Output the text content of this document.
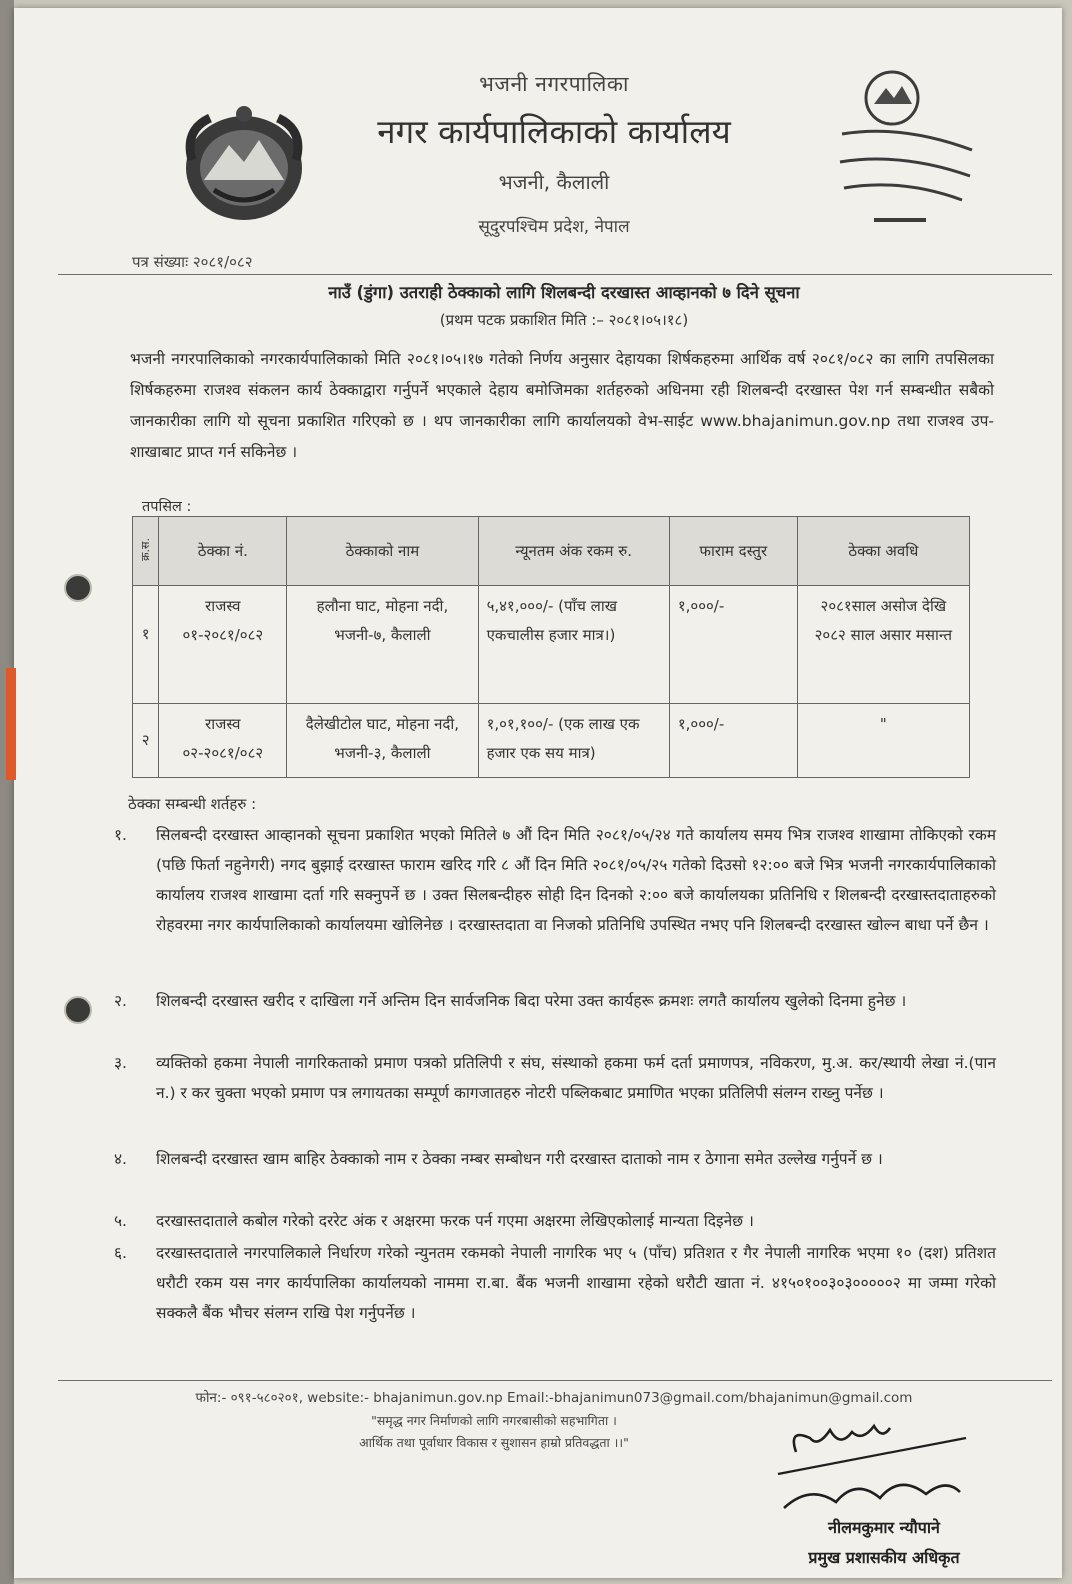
भजनी नगरपालिका
नगर कार्यपालिकाको कार्यालय
भजनी, कैलाली
सूदुरपश्चिम प्रदेश, नेपाल
पत्र संख्याः २०८१/०८२
नाउँ (डुंगा) उतराही ठेक्काको लागि शिलबन्दी दरखास्त आव्हानको ७ दिने सूचना
(प्रथम पटक प्रकाशित मिति :– २०८१।०५।१८)
भजनी नगरपालिकाको नगरकार्यपालिकाको मिति २०८१।०५।१७ गतेको निर्णय अनुसार देहायका शिर्षकहरुमा आर्थिक वर्ष २०८१/०८२ का लागि तपसिलका शिर्षकहरुमा राजश्व संकलन कार्य ठेक्काद्वारा गर्नुपर्ने भएकाले देहाय बमोजिमका शर्तहरुको अधिनमा रही शिलबन्दी दरखास्त पेश गर्न सम्बन्धीत सबैको जानकारीका लागि यो सूचना प्रकाशित गरिएको छ । थप जानकारीका लागि कार्यालयको वेभ-साईट www.bhajanimun.gov.np तथा राजश्व उप-शाखाबाट प्राप्त गर्न सकिनेछ ।
तपसिल :
क्र.स.	ठेक्का नं.	ठेक्काको नाम	न्यूनतम अंक रकम रु.	फाराम दस्तुर	ठेक्का अवधि
१	राजस्व ०१-२०८१/०८२	हलौना घाट, मोहना नदी, भजनी-७, कैलाली	५,४१,०००/- (पाँच लाख एकचालीस हजार मात्र।)	१,०००/-	२०८१साल असोज देखि २०८२ साल असार मसान्त
२	राजस्व ०२-२०८१/०८२	दैलेखीटोल घाट, मोहना नदी, भजनी-३, कैलाली	१,०१,१००/- (एक लाख एक हजार एक सय मात्र)	१,०००/-	"
ठेक्का सम्बन्धी शर्तहरु :
१.	सिलबन्दी दरखास्त आव्हानको सूचना प्रकाशित भएको मितिले ७ औं दिन मिति २०८१/०५/२४ गते कार्यालय समय भित्र राजश्व शाखामा तोकिएको रकम (पछि फिर्ता नहुनेगरी) नगद बुझाई दरखास्त फाराम खरिद गरि ८ औं दिन मिति २०८१/०५/२५ गतेको दिउसो १२:०० बजे भित्र भजनी नगरकार्यपालिकाको कार्यालय राजश्व शाखामा दर्ता गरि सक्नुपर्ने छ । उक्त सिलबन्दीहरु सोही दिन दिनको २:०० बजे कार्यालयका प्रतिनिधि र शिलबन्दी दरखास्तदाताहरुको रोहवरमा नगर कार्यपालिकाको कार्यालयमा खोलिनेछ । दरखास्तदाता वा निजको प्रतिनिधि उपस्थित नभए पनि शिलबन्दी दरखास्त खोल्न बाधा पर्ने छैन ।
२.	शिलबन्दी दरखास्त खरीद र दाखिला गर्ने अन्तिम दिन सार्वजनिक बिदा परेमा उक्त कार्यहरू क्रमशः लगतै कार्यालय खुलेको दिनमा हुनेछ ।
३.	व्यक्तिको हकमा नेपाली नागरिकताको प्रमाण पत्रको प्रतिलिपी र संघ, संस्थाको हकमा फर्म दर्ता प्रमाणपत्र, नविकरण, मु.अ. कर/स्थायी लेखा नं.(पान न.) र कर चुक्ता भएको प्रमाण पत्र लगायतका सम्पूर्ण कागजातहरु नोटरी पब्लिकबाट प्रमाणित भएका प्रतिलिपी संलग्न राख्नु पर्नेछ ।
४.	शिलबन्दी दरखास्त खाम बाहिर ठेक्काको नाम र ठेक्का नम्बर सम्बोधन गरी दरखास्त दाताको नाम र ठेगाना समेत उल्लेख गर्नुपर्ने छ ।
५.	दरखास्तदाताले कबोल गरेको दररेट अंक र अक्षरमा फरक पर्न गएमा अक्षरमा लेखिएकोलाई मान्यता दिइनेछ ।
६.	दरखास्तदाताले नगरपालिकाले निर्धारण गरेको न्युनतम रकमको नेपाली नागरिक भए ५ (पाँच) प्रतिशत र गैर नेपाली नागरिक भएमा १० (दश) प्रतिशत धरौटी रकम यस नगर कार्यपालिका कार्यालयको नाममा रा.बा. बैंक भजनी शाखामा रहेको धरौटी खाता नं. ४१५०१००३०३०००००२ मा जम्मा गरेको सक्कलै बैंक भौचर संलग्न राखि पेश गर्नुपर्नेछ ।
फोन:- ०९१-५८०२०१, website:- bhajanimun.gov.np Email:-bhajanimun073@gmail.com/bhajanimun@gmail.com
"समृद्ध नगर निर्माणको लागि नगरबासीको सहभागिता ।
आर्थिक तथा पूर्वाधार विकास र सुशासन हाम्रो प्रतिवद्धता ।।"
नीलमकुमार न्यौपाने
प्रमुख प्रशासकीय अधिकृत
